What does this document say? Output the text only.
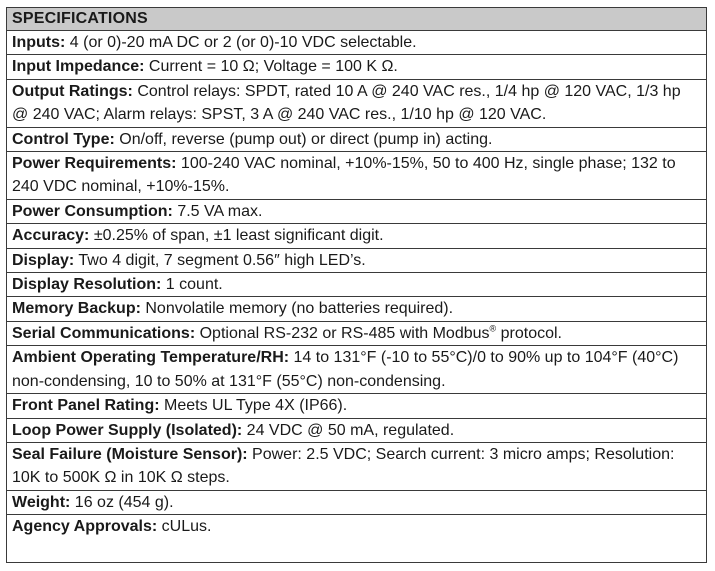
SPECIFICATIONS
Inputs: 4 (or 0)-20 mA DC or 2 (or 0)-10 VDC selectable.
Input Impedance: Current = 10 Ω; Voltage = 100 K Ω.
Output Ratings: Control relays: SPDT, rated 10 A @ 240 VAC res., 1/4 hp @ 120 VAC, 1/3 hp @ 240 VAC; Alarm relays: SPST, 3 A @ 240 VAC res., 1/10 hp @ 120 VAC.
Control Type: On/off, reverse (pump out) or direct (pump in) acting.
Power Requirements: 100-240 VAC nominal, +10%-15%, 50 to 400 Hz, single phase; 132 to 240 VDC nominal, +10%-15%.
Power Consumption: 7.5 VA max.
Accuracy: ±0.25% of span, ±1 least significant digit.
Display: Two 4 digit, 7 segment 0.56″ high LED’s.
Display Resolution: 1 count.
Memory Backup: Nonvolatile memory (no batteries required).
Serial Communications: Optional RS-232 or RS-485 with Modbus® protocol.
Ambient Operating Temperature/RH: 14 to 131°F (-10 to 55°C)/0 to 90% up to 104°F (40°C) non-condensing, 10 to 50% at 131°F (55°C) non-condensing.
Front Panel Rating: Meets UL Type 4X (IP66).
Loop Power Supply (Isolated): 24 VDC @ 50 mA, regulated.
Seal Failure (Moisture Sensor): Power: 2.5 VDC; Search current: 3 micro amps; Resolution: 10K to 500K Ω in 10K Ω steps.
Weight: 16 oz (454 g).
Agency Approvals: cULus.
